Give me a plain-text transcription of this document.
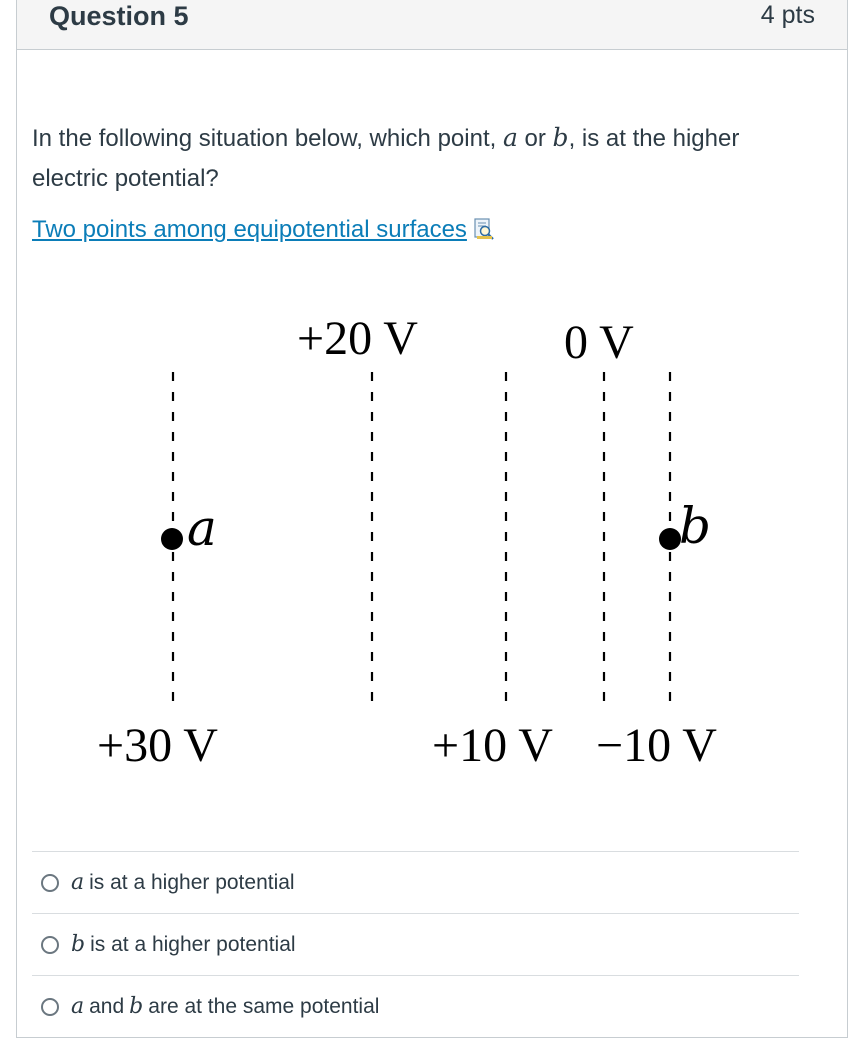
Question 5	4 pts
In the following situation below, which point, a or b, is at the higher electric potential?
Two points among equipotential surfaces
+20 V	0 V
+30 V	+10 V −10 V
a	b
a is at a higher potential
b is at a higher potential
a and b are at the same potential
